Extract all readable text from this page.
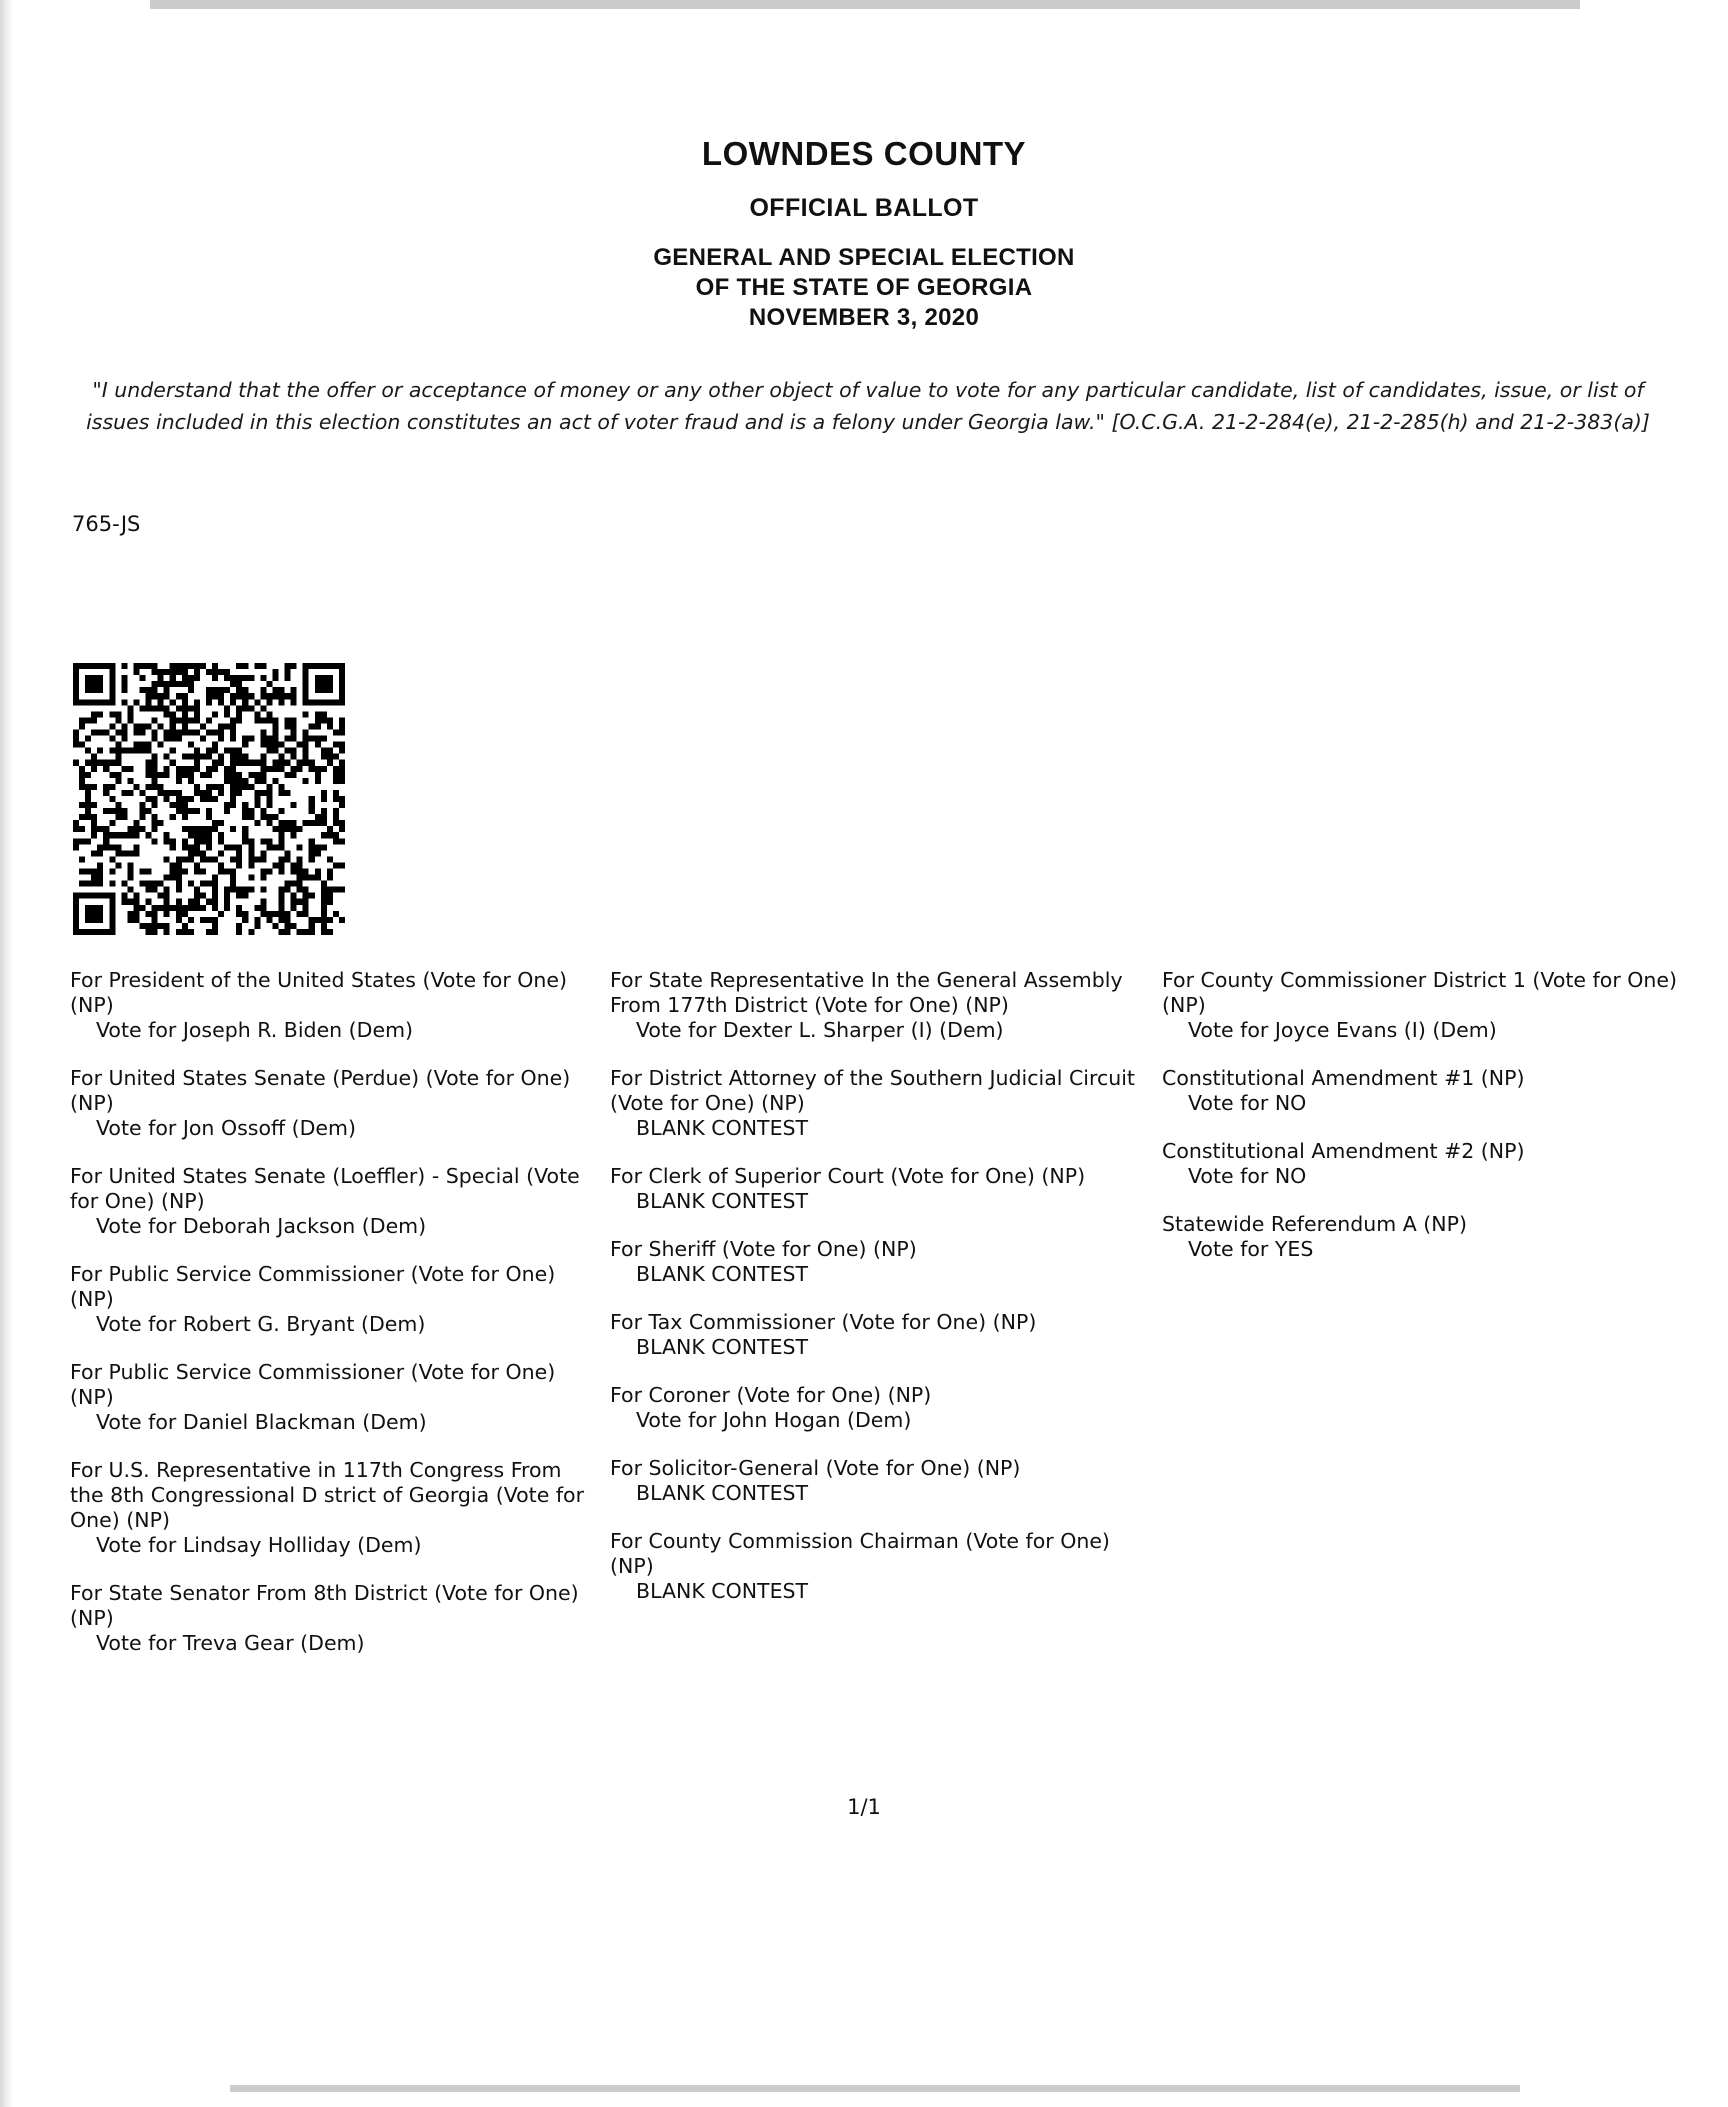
LOWNDES COUNTY
OFFICIAL BALLOT
GENERAL AND SPECIAL ELECTION
OF THE STATE OF GEORGIA
NOVEMBER 3, 2020
"I understand that the offer or acceptance of money or any other object of value to vote for any particular candidate, list of candidates, issue, or list of issues included in this election constitutes an act of voter fraud and is a felony under Georgia law." [O.C.G.A. 21-2-284(e), 21-2-285(h) and 21-2-383(a)]
765-JS
For President of the United States (Vote for One) (NP)
Vote for Joseph R. Biden (Dem)
For United States Senate (Perdue) (Vote for One) (NP)
Vote for Jon Ossoff (Dem)
For United States Senate (Loeffler) - Special (Vote for One) (NP)
Vote for Deborah Jackson (Dem)
For Public Service Commissioner (Vote for One) (NP)
Vote for Robert G. Bryant (Dem)
For Public Service Commissioner (Vote for One) (NP)
Vote for Daniel Blackman (Dem)
For U.S. Representative in 117th Congress From the 8th Congressional D strict of Georgia (Vote for One) (NP)
Vote for Lindsay Holliday (Dem)
For State Senator From 8th District (Vote for One) (NP)
Vote for Treva Gear (Dem)
For State Representative In the General Assembly From 177th District (Vote for One) (NP)
Vote for Dexter L. Sharper (I) (Dem)
For District Attorney of the Southern Judicial Circuit (Vote for One) (NP)
BLANK CONTEST
For Clerk of Superior Court (Vote for One) (NP)
BLANK CONTEST
For Sheriff (Vote for One) (NP)
BLANK CONTEST
For Tax Commissioner (Vote for One) (NP)
BLANK CONTEST
For Coroner (Vote for One) (NP)
Vote for John Hogan (Dem)
For Solicitor-General (Vote for One) (NP)
BLANK CONTEST
For County Commission Chairman (Vote for One) (NP)
BLANK CONTEST
For County Commissioner District 1 (Vote for One) (NP)
Vote for Joyce Evans (I) (Dem)
Constitutional Amendment #1 (NP)
Vote for NO
Constitutional Amendment #2 (NP)
Vote for NO
Statewide Referendum A (NP)
Vote for YES
1/1
